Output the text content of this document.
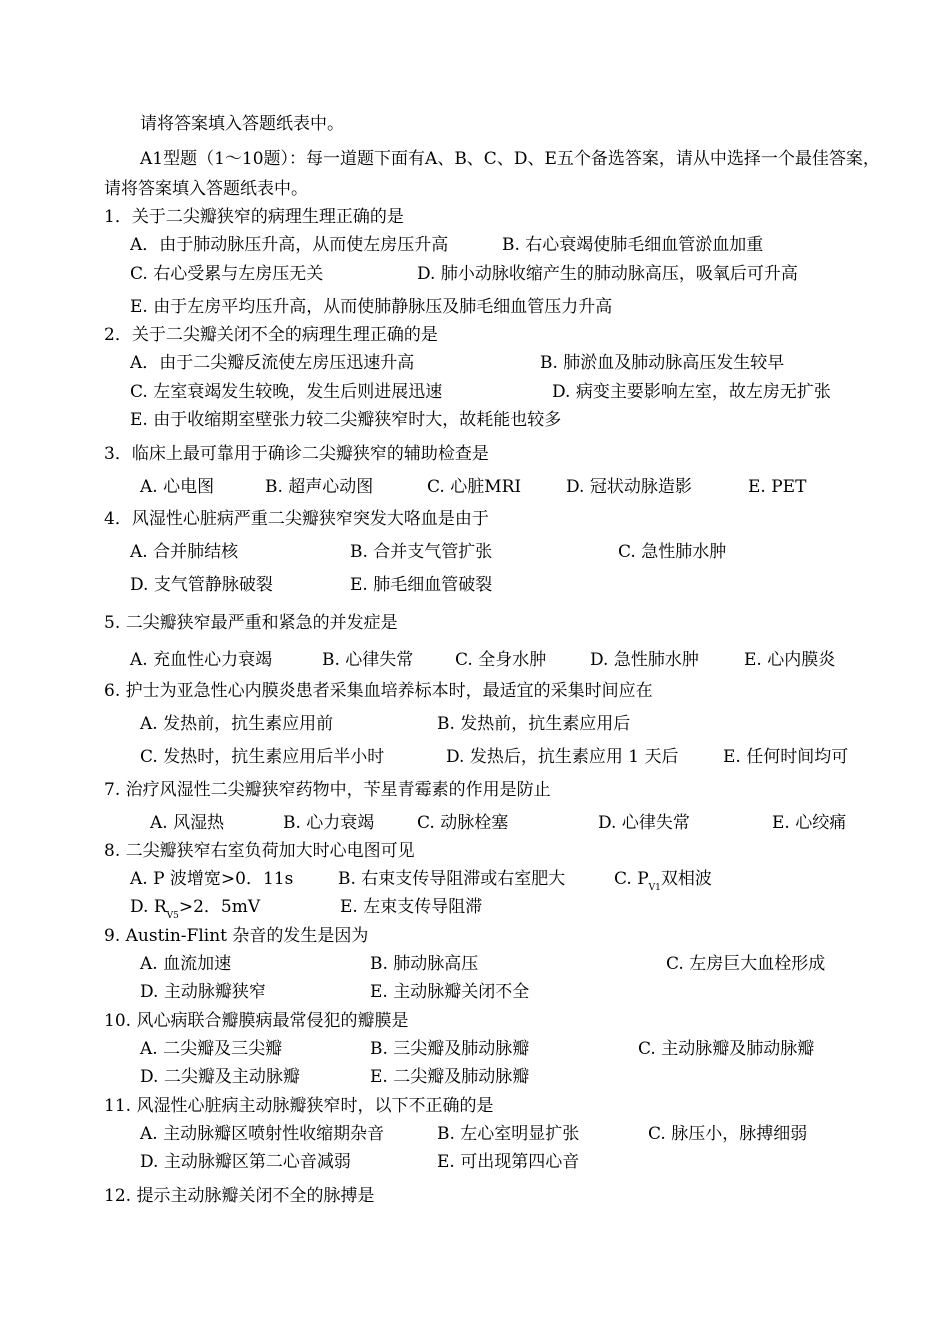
请将答案填入答题纸表中。
A1型题（1～10题）：每一道题下面有A、B、C、D、E五个备选答案，请从中选择一个最佳答案，
请将答案填入答题纸表中。
1．关于二尖瓣狭窄的病理生理正确的是
A．由于肺动脉压升高，从而使左房压升高	B. 右心衰竭使肺毛细血管淤血加重
C. 右心受累与左房压无关	D. 肺小动脉收缩产生的肺动脉高压，吸氧后可升高
E. 由于左房平均压升高，从而使肺静脉压及肺毛细血管压力升高
2．关于二尖瓣关闭不全的病理生理正确的是
A．由于二尖瓣反流使左房压迅速升高	B. 肺淤血及肺动脉高压发生较早
C. 左室衰竭发生较晚，发生后则进展迅速	D. 病变主要影响左室，故左房无扩张
E. 由于收缩期室壁张力较二尖瓣狭窄时大，故耗能也较多
3．临床上最可靠用于确诊二尖瓣狭窄的辅助检查是
A. 心电图	B. 超声心动图	C. 心脏MRI	D. 冠状动脉造影	E. PET
4．风湿性心脏病严重二尖瓣狭窄突发大咯血是由于
A. 合并肺结核	B. 合并支气管扩张	C. 急性肺水肿
D. 支气管静脉破裂	E. 肺毛细血管破裂
5. 二尖瓣狭窄最严重和紧急的并发症是
A. 充血性心力衰竭	B. 心律失常 C. 全身水肿	D. 急性肺水肿	E. 心内膜炎
6. 护士为亚急性心内膜炎患者采集血培养标本时，最适宜的采集时间应在
A. 发热前，抗生素应用前	B. 发热前，抗生素应用后
C. 发热时，抗生素应用后半小时	D. 发热后，抗生素应用 1 天后	E. 任何时间均可
7. 治疗风湿性二尖瓣狭窄药物中，苄星青霉素的作用是防止
A. 风湿热	B. 心力衰竭	C. 动脉栓塞	D. 心律失常	E. 心绞痛
8. 二尖瓣狭窄右室负荷加大时心电图可见
A. P 波增宽>0．11s	B. 右束支传导阻滞或右室肥大	C. $P_{V1}$双相波
D. $R_{V5}>2$．5mV	E. 左束支传导阻滞
9. Austin-Flint 杂音的发生是因为
A. 血流加速	B. 肺动脉高压	C. 左房巨大血栓形成
D. 主动脉瓣狭窄	E. 主动脉瓣关闭不全
10. 风心病联合瓣膜病最常侵犯的瓣膜是
A. 二尖瓣及三尖瓣	B. 三尖瓣及肺动脉瓣	C. 主动脉瓣及肺动脉瓣
D. 二尖瓣及主动脉瓣	E. 二尖瓣及肺动脉瓣
11. 风湿性心脏病主动脉瓣狭窄时，以下不正确的是
A. 主动脉瓣区喷射性收缩期杂音	B. 左心室明显扩张	C. 脉压小，脉搏细弱
D. 主动脉瓣区第二心音减弱	E. 可出现第四心音
12. 提示主动脉瓣关闭不全的脉搏是
